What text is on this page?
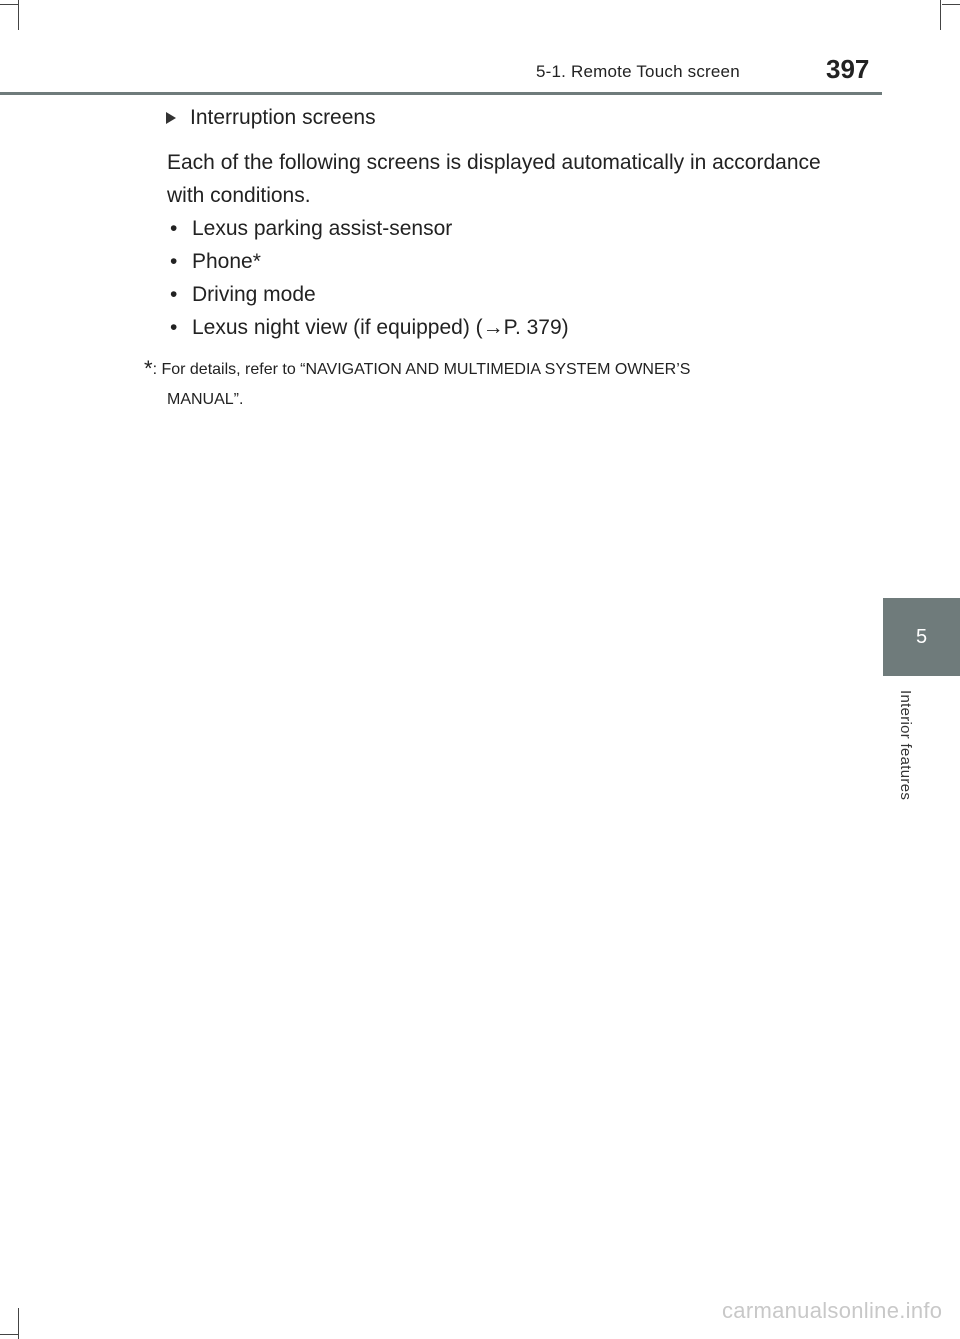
5-1. Remote Touch screen	397
5
Interior features
Interruption screens
Each of the following screens is displayed automatically in accordance with conditions.
• Lexus parking assist-sensor
• Phone*
• Driving mode
• Lexus night view (if equipped) (→P. 379)
*: For details, refer to “NAVIGATION AND MULTIMEDIA SYSTEM OWNER’S
MANUAL”.
carmanualsonline.info
